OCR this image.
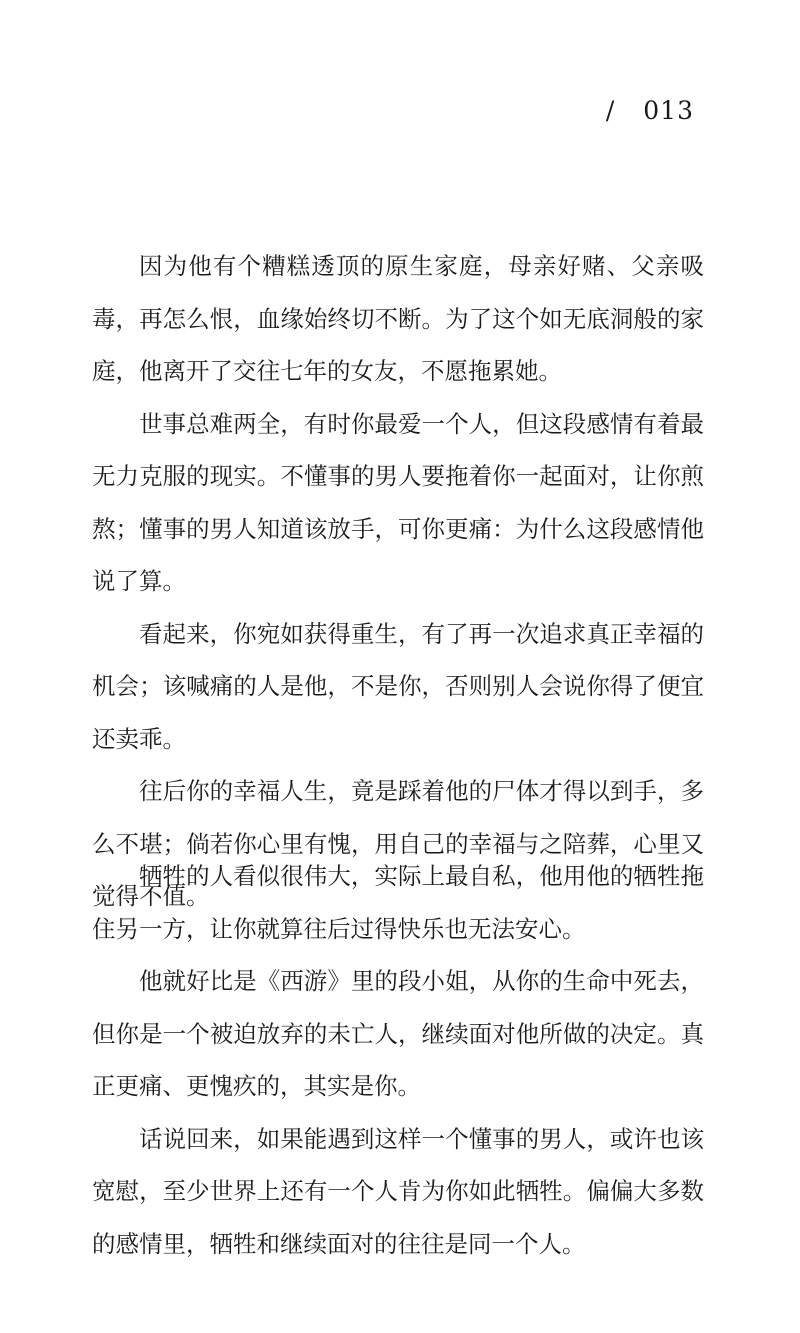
/ 013

因为他有个糟糕透顶的原生家庭，母亲好赌、父亲吸毒，再怎么恨，血缘始终切不断。为了这个如无底洞般的家庭，他离开了交往七年的女友，不愿拖累她。

世事总难两全，有时你最爱一个人，但这段感情有着最无力克服的现实。不懂事的男人要拖着你一起面对，让你煎熬；懂事的男人知道该放手，可你更痛：为什么这段感情他说了算。

看起来，你宛如获得重生，有了再一次追求真正幸福的机会；该喊痛的人是他，不是你，否则别人会说你得了便宜还卖乖。

往后你的幸福人生，竟是踩着他的尸体才得以到手，多么不堪；倘若你心里有愧，用自己的幸福与之陪葬，心里又觉得不值。

牺牲的人看似很伟大，实际上最自私，他用他的牺牲拖住另一方，让你就算往后过得快乐也无法安心。

他就好比是《西游》里的段小姐，从你的生命中死去，但你是一个被迫放弃的未亡人，继续面对他所做的决定。真正更痛、更愧疚的，其实是你。

话说回来，如果能遇到这样一个懂事的男人，或许也该宽慰，至少世界上还有一个人肯为你如此牺牲。偏偏大多数的感情里，牺牲和继续面对的往往是同一个人。
